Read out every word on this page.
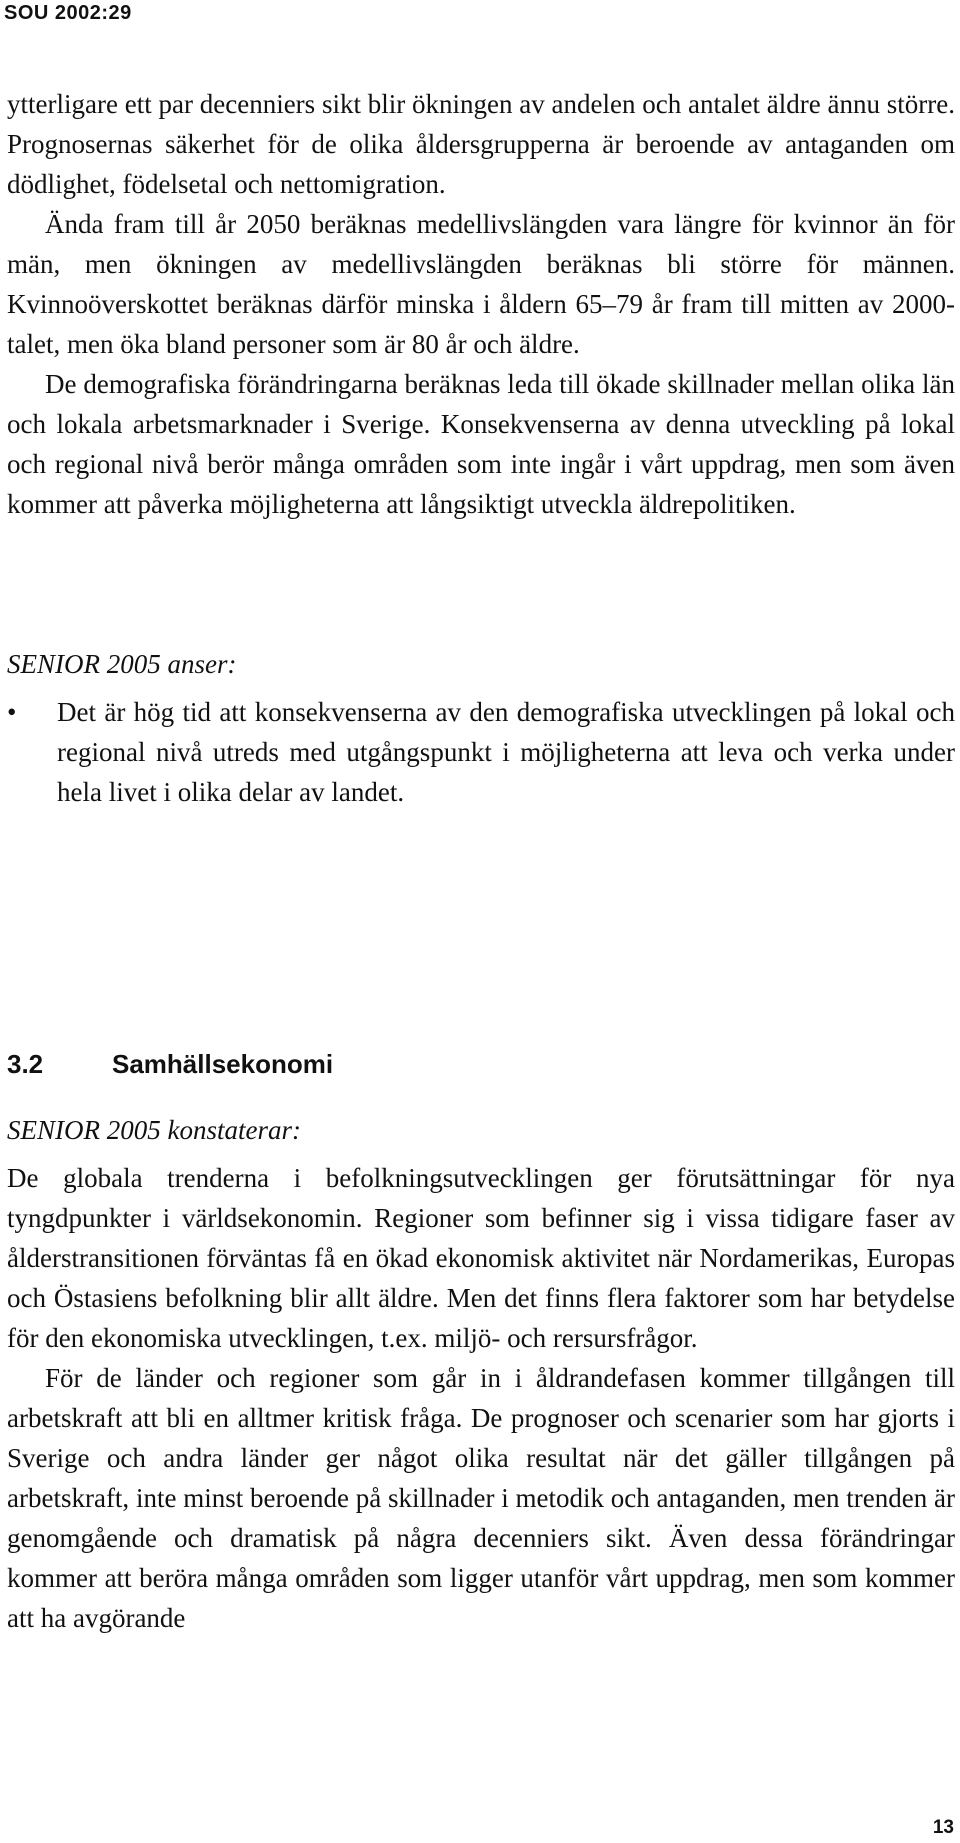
SOU 2002:29

ytterligare ett par decenniers sikt blir ökningen av andelen och antalet äldre ännu större. Prognosernas säkerhet för de olika åldersgrupperna är beroende av antaganden om dödlighet, födelsetal och nettomigration.

Ända fram till år 2050 beräknas medellivslängden vara längre för kvinnor än för män, men ökningen av medellivslängden beräknas bli större för männen. Kvinnoöverskottet beräknas därför minska i åldern 65–79 år fram till mitten av 2000-talet, men öka bland personer som är 80 år och äldre.

De demografiska förändringarna beräknas leda till ökade skillnader mellan olika län och lokala arbetsmarknader i Sverige. Konsekvenserna av denna utveckling på lokal och regional nivå berör många områden som inte ingår i vårt uppdrag, men som även kommer att påverka möjligheterna att långsiktigt utveckla äldrepolitiken.

SENIOR 2005 anser:
•	Det är hög tid att konsekvenserna av den demografiska utvecklingen på lokal och regional nivå utreds med utgångspunkt i möjligheterna att leva och verka under hela livet i olika delar av landet.
3.2	Samhällsekonomi
SENIOR 2005 konstaterar:

De globala trenderna i befolkningsutvecklingen ger förutsättningar för nya tyngdpunkter i världsekonomin. Regioner som befinner sig i vissa tidigare faser av ålderstransitionen förväntas få en ökad ekonomisk aktivitet när Nordamerikas, Europas och Östasiens befolkning blir allt äldre. Men det finns flera faktorer som har betydelse för den ekonomiska utvecklingen, t.ex. miljö- och rersursfrågor.

För de länder och regioner som går in i åldrandefasen kommer tillgången till arbetskraft att bli en alltmer kritisk fråga. De prognoser och scenarier som har gjorts i Sverige och andra länder ger något olika resultat när det gäller tillgången på arbetskraft, inte minst beroende på skillnader i metodik och antaganden, men trenden är genomgående och dramatisk på några decenniers sikt. Även dessa förändringar kommer att beröra många områden som ligger utanför vårt uppdrag, men som kommer att ha avgörande

13
